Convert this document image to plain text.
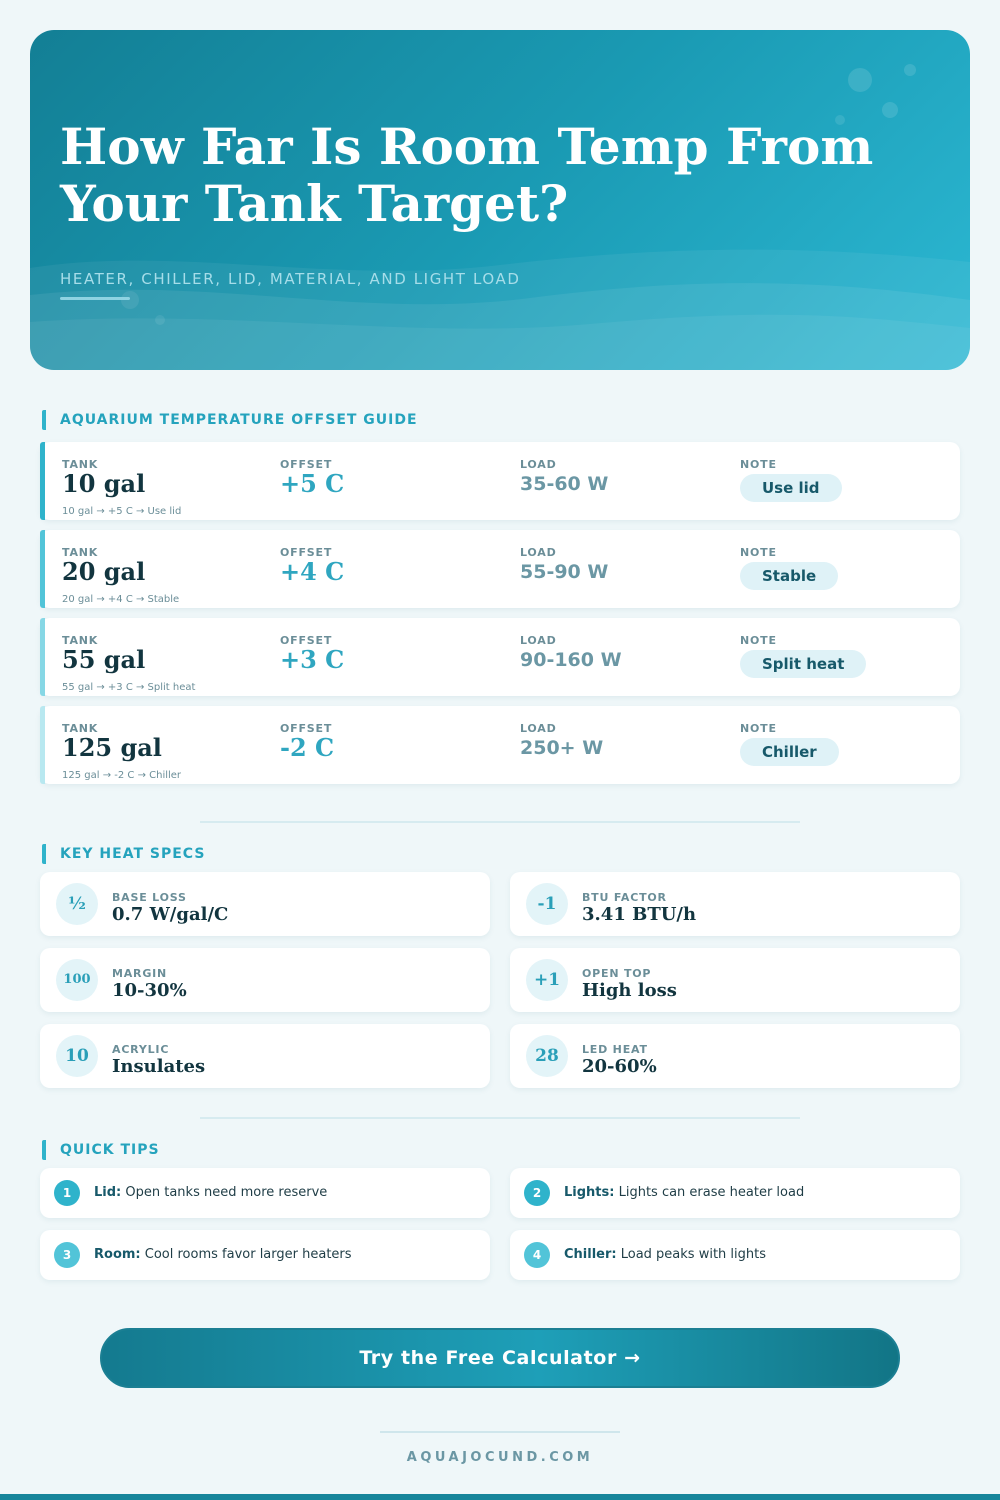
How Far Is Room Temp From Your Tank Target?
HEATER, CHILLER, LID, MATERIAL, AND LIGHT LOAD
AQUARIUM TEMPERATURE OFFSET GUIDE
TANK	OFFSET	LOAD	NOTE
10 gal	+5 C	35-60 W	Use lid
10 gal → +5 C → Use lid
TANK	OFFSET	LOAD	NOTE
20 gal	+4 C	55-90 W	Stable
20 gal → +4 C → Stable
TANK	OFFSET	LOAD	NOTE
55 gal	+3 C	90-160 W	Split heat
55 gal → +3 C → Split heat
TANK	OFFSET	LOAD	NOTE
125 gal	-2 C	250+ W	Chiller
125 gal → -2 C → Chiller
KEY HEAT SPECS
½	BASE LOSS
0.7 W/gal/C	-1	BTU FACTOR
3.41 BTU/h
100	MARGIN
10-30%	+1	OPEN TOP
High loss
10	ACRYLIC
Insulates	28	LED HEAT
20-60%
QUICK TIPS
1	Lid: Open tanks need more reserve	2	Lights: Lights can erase heater load
3	Room: Cool rooms favor larger heaters	4	Chiller: Load peaks with lights
Try the Free Calculator →
AQUAJOCUND.COM
